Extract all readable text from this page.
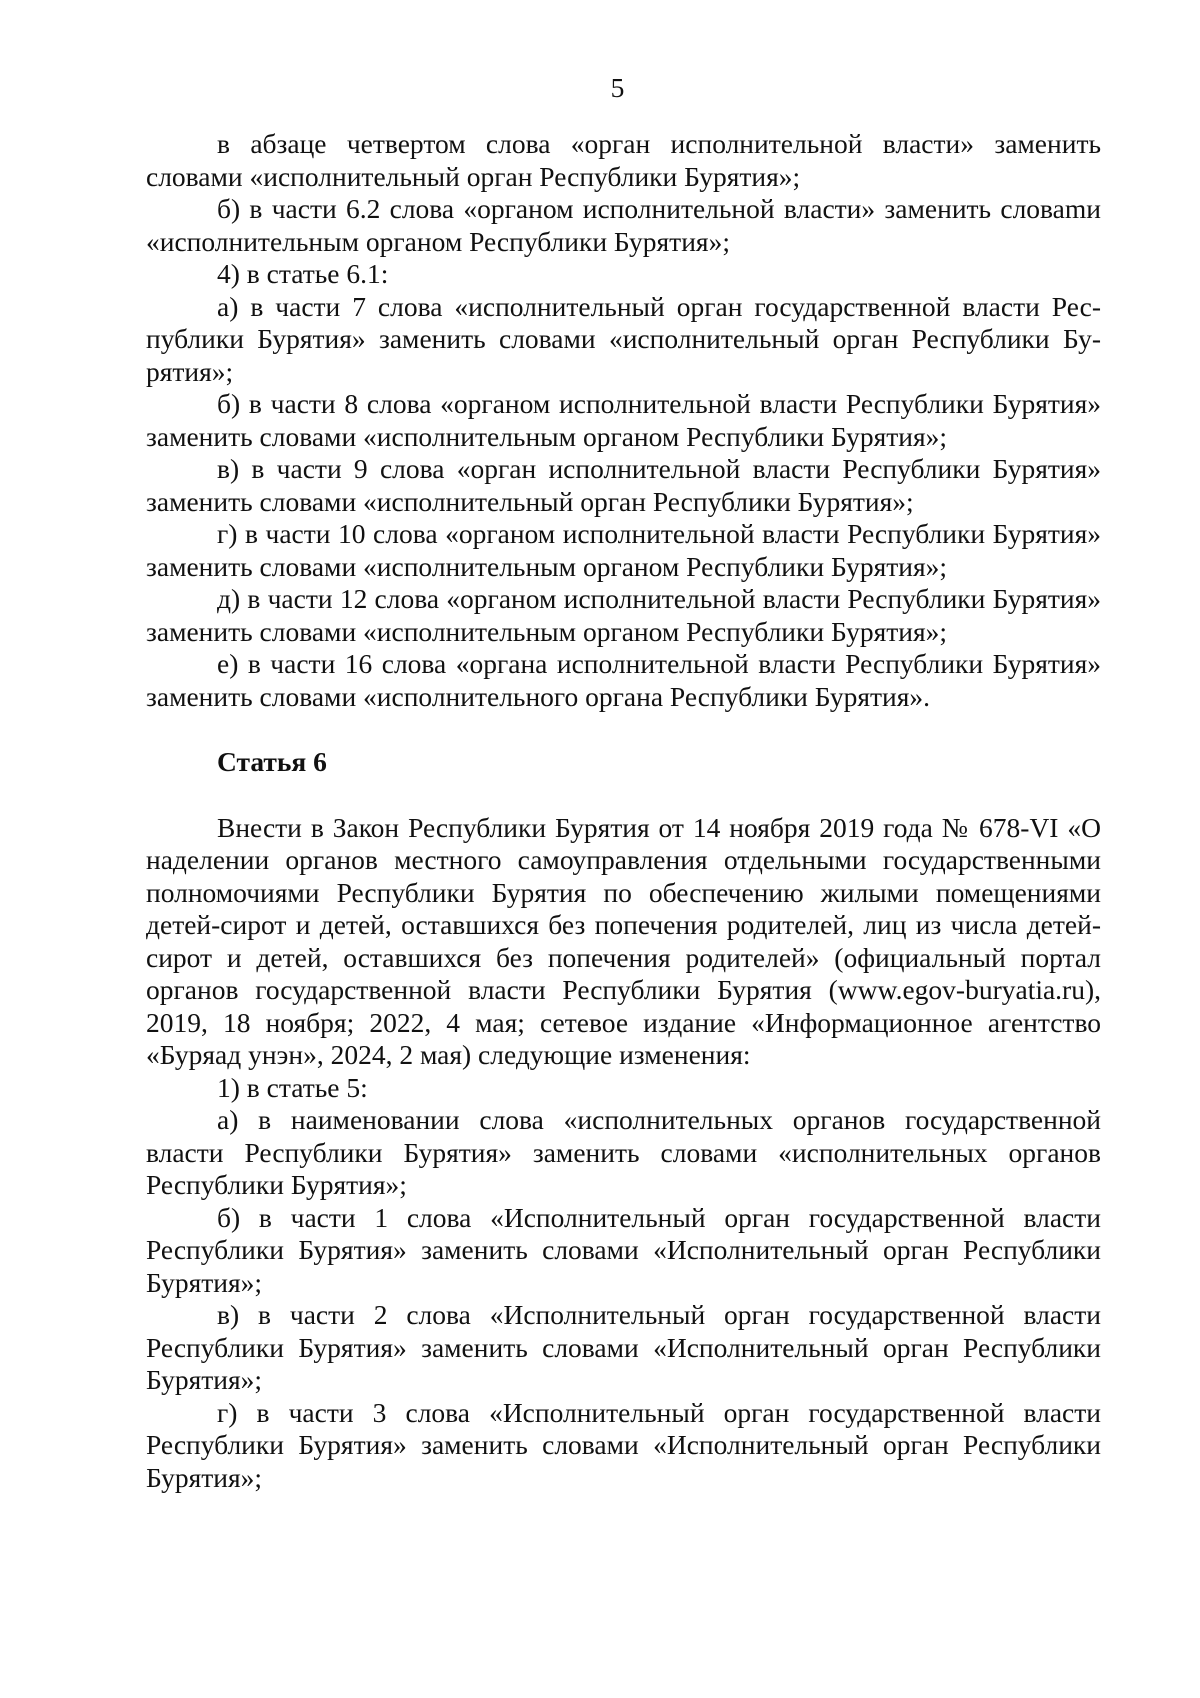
5

в абзаце четвертом слова «орган исполнительной власти» заменить словами «исполнительный орган Республики Бурятия»;

б) в части 6.2 слова «органом исполнительной власти» заменить словаmи «исполнительным органом Республики Бурятия»;

4) в статье 6.1:

а) в части 7 слова «исполнительный орган государственной власти Республики Бурятия» заменить словами «исполнительный орган Республики Бурятия»;

б) в части 8 слова «органом исполнительной власти Республики Бурятия» заменить словами «исполнительным органом Республики Бурятия»;

в) в части 9 слова «орган исполнительной власти Республики Бурятия» заменить словами «исполнительный орган Республики Бурятия»;

г) в части 10 слова «органом исполнительной власти Республики Бурятия» заменить словами «исполнительным органом Республики Бурятия»;

д) в части 12 слова «органом исполнительной власти Республики Бурятия» заменить словами «исполнительным органом Республики Бурятия»;

е) в части 16 слова «органа исполнительной власти Республики Бурятия» заменить словами «исполнительного органа Республики Бурятия».

Статья 6

Внести в Закон Республики Бурятия от 14 ноября 2019 года № 678-VI «О наделении органов местного самоуправления отдельными государственными полномочиями Республики Бурятия по обеспечению жилыми помещениями детей-сирот и детей, оставшихся без попечения родителей, лиц из числа детей-сирот и детей, оставшихся без попечения родителей» (официальный портал органов государственной власти Республики Бурятия (www.egov-buryatia.ru), 2019, 18 ноября; 2022, 4 мая; сетевое издание «Информационное агентство «Буряад унэн», 2024, 2 мая) следующие изменения:

1) в статье 5:

а) в наименовании слова «исполнительных органов государственной власти Республики Бурятия» заменить словами «исполнительных органов Республики Бурятия»;

б) в части 1 слова «Исполнительный орган государственной власти Республики Бурятия» заменить словами «Исполнительный орган Республики Бурятия»;

в) в части 2 слова «Исполнительный орган государственной власти Республики Бурятия» заменить словами «Исполнительный орган Республики Бурятия»;

г) в части 3 слова «Исполнительный орган государственной власти Республики Бурятия» заменить словами «Исполнительный орган Республики Бурятия»;
